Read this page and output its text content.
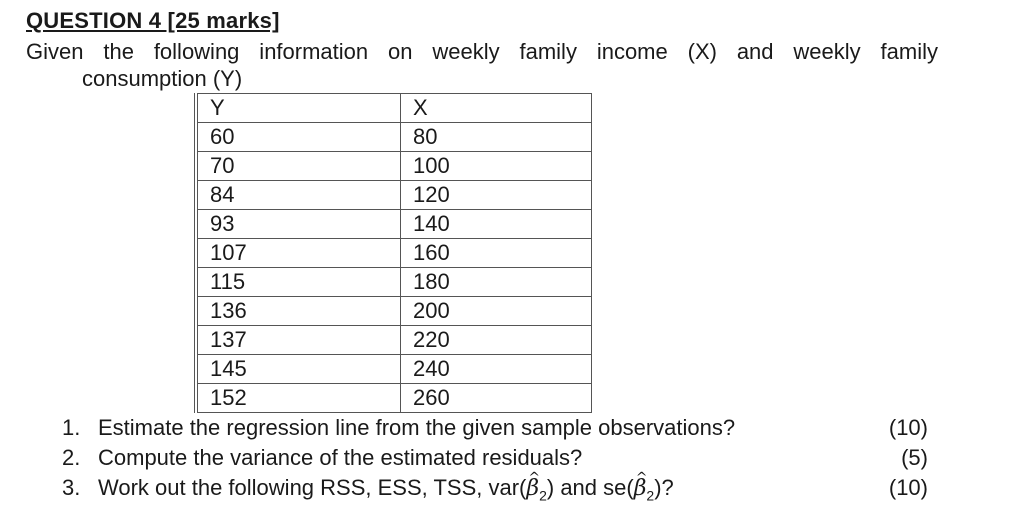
QUESTION 4 [25 marks]
Given the following information on weekly family income (X) and weekly family
consumption (Y)
Y	X
60	80
70	100
84	120
93	140
107	160
115	180
136	200
137	220
145	240
152	260
1. Estimate the regression line from the given sample observations?	(10)
2. Compute the variance of the estimated residuals?	(5)
3. Work out the following RSS, ESS, TSS, var(β $\^{}_2$) and se(β $\^{}_2$)?	(10)
